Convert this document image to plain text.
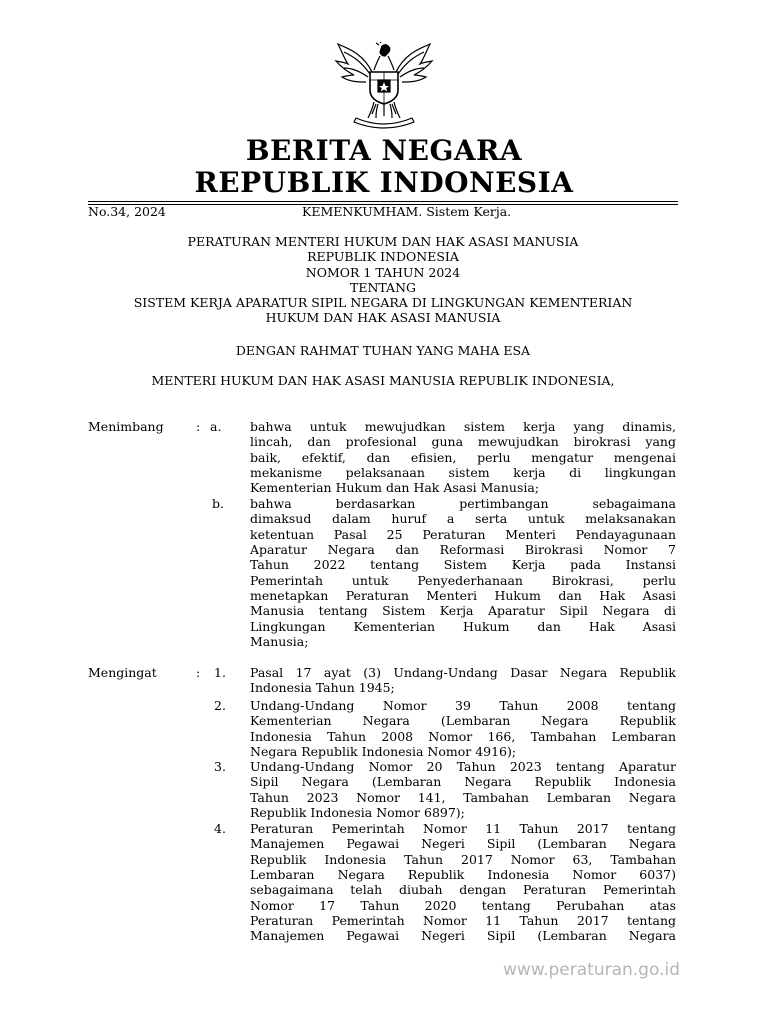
BERITA NEGARA
REPUBLIK INDONESIA
No.34, 2024	KEMENKUMHAM. Sistem Kerja.
PERATURAN MENTERI HUKUM DAN HAK ASASI MANUSIA
REPUBLIK INDONESIA
NOMOR 1 TAHUN 2024
TENTANG
SISTEM KERJA APARATUR SIPIL NEGARA DI LINGKUNGAN KEMENTERIAN
HUKUM DAN HAK ASASI MANUSIA
DENGAN RAHMAT TUHAN YANG MAHA ESA
MENTERI HUKUM DAN HAK ASASI MANUSIA REPUBLIK INDONESIA,
Menimbang	: a. bahwa untuk mewujudkan sistem kerja yang dinamis,
lincah, dan profesional guna mewujudkan birokrasi yang
baik, efektif, dan efisien, perlu mengatur mengenai
mekanisme pelaksanaan sistem kerja di lingkungan
Kementerian Hukum dan Hak Asasi Manusia;
b. bahwa berdasarkan pertimbangan sebagaimana
dimaksud dalam huruf a serta untuk melaksanakan
ketentuan Pasal 25 Peraturan Menteri Pendayagunaan
Aparatur Negara dan Reformasi Birokrasi Nomor 7
Tahun 2022 tentang Sistem Kerja pada Instansi
Pemerintah untuk Penyederhanaan Birokrasi, perlu
menetapkan Peraturan Menteri Hukum dan Hak Asasi
Manusia tentang Sistem Kerja Aparatur Sipil Negara di
Lingkungan Kementerian Hukum dan Hak Asasi
Manusia;
Mengingat	: 1. Pasal 17 ayat (3) Undang-Undang Dasar Negara Republik
Indonesia Tahun 1945;
2. Undang-Undang Nomor 39 Tahun 2008 tentang
Kementerian Negara (Lembaran Negara Republik
Indonesia Tahun 2008 Nomor 166, Tambahan Lembaran
Negara Republik Indonesia Nomor 4916);
3. Undang-Undang Nomor 20 Tahun 2023 tentang Aparatur
Sipil Negara (Lembaran Negara Republik Indonesia
Tahun 2023 Nomor 141, Tambahan Lembaran Negara
Republik Indonesia Nomor 6897);
4. Peraturan Pemerintah Nomor 11 Tahun 2017 tentang
Manajemen Pegawai Negeri Sipil (Lembaran Negara
Republik Indonesia Tahun 2017 Nomor 63, Tambahan
Lembaran Negara Republik Indonesia Nomor 6037)
sebagaimana telah diubah dengan Peraturan Pemerintah
Nomor 17 Tahun 2020 tentang Perubahan atas
Peraturan Pemerintah Nomor 11 Tahun 2017 tentang
Manajemen Pegawai Negeri Sipil (Lembaran Negara
www.peraturan.go.id
